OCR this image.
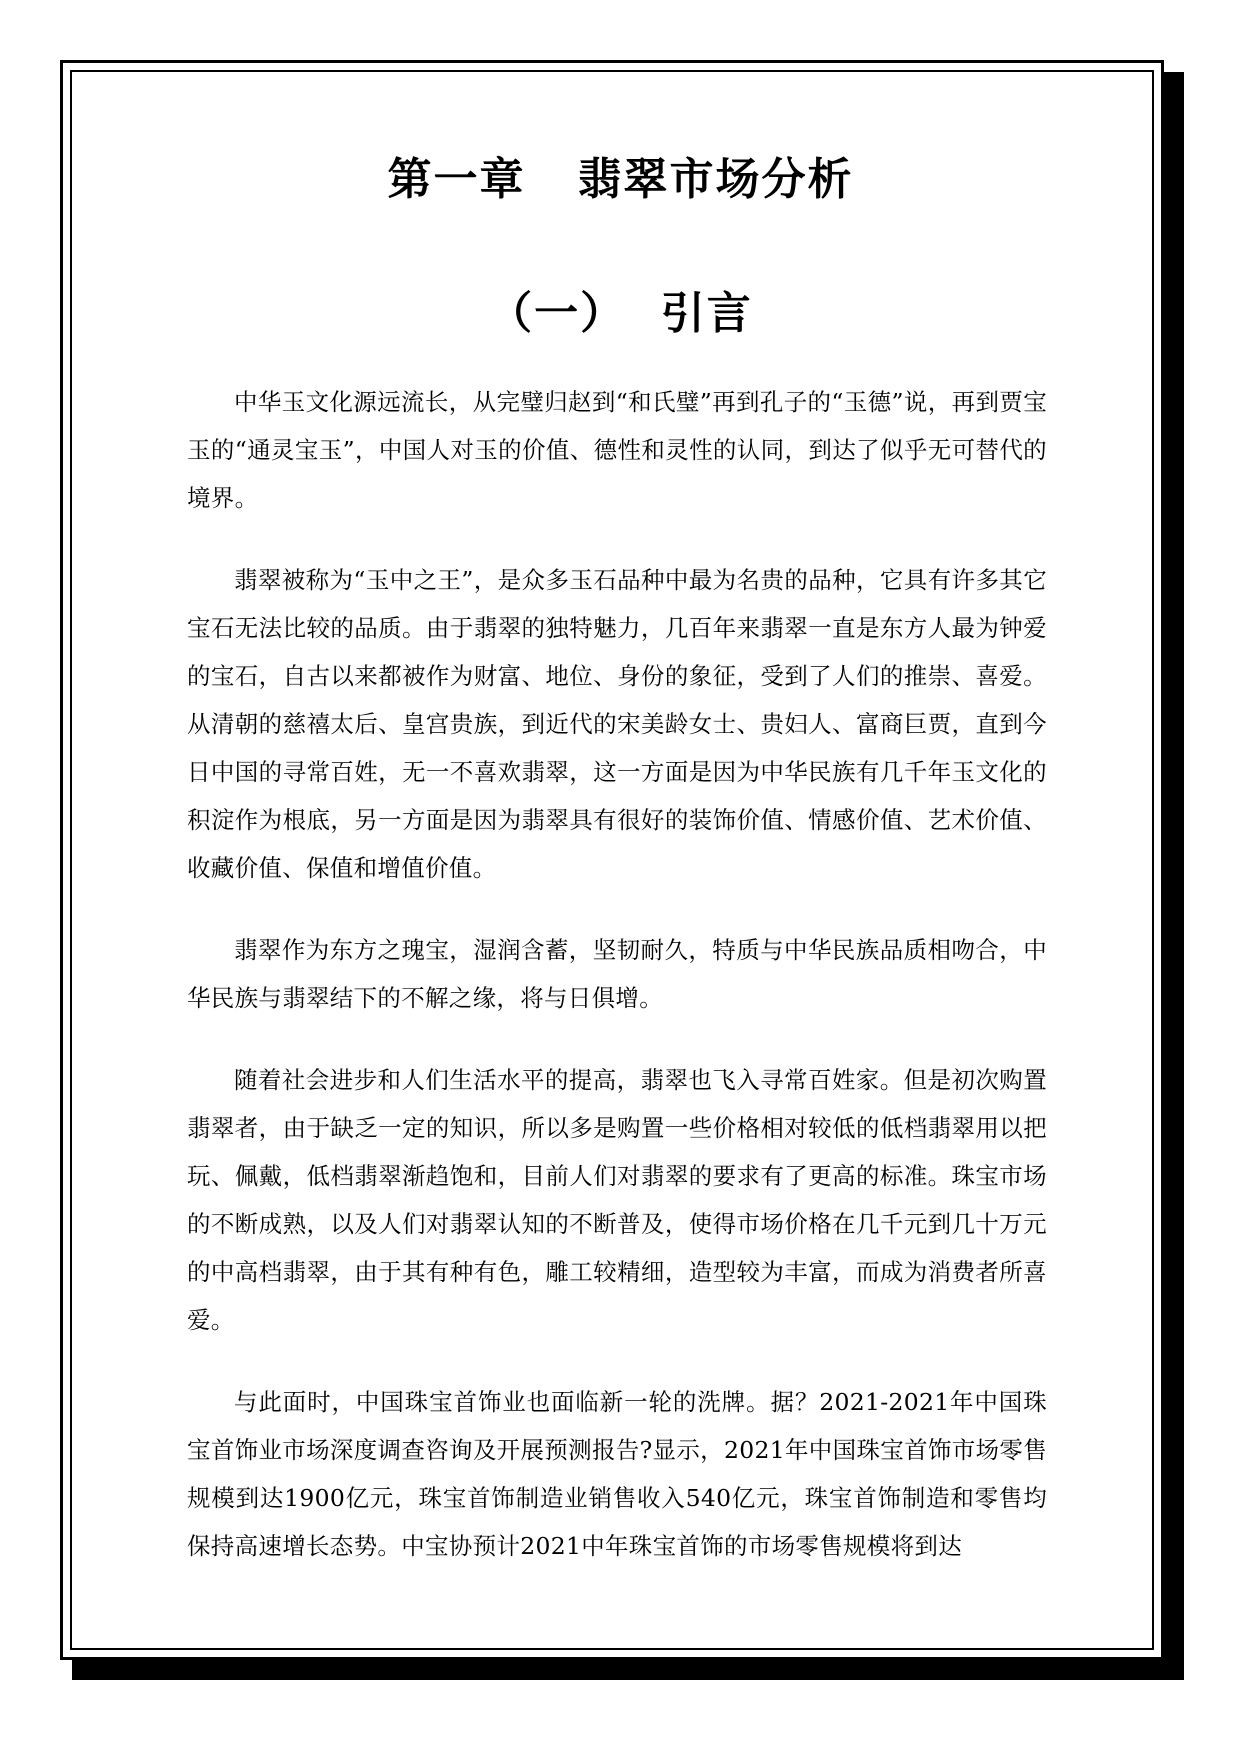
第一章   翡翠市场分析
（一）  引言

中华玉文化源远流长，从完璧归赵到“和氏璧”再到孔子的“玉德”说，再到贾宝玉的“通灵宝玉”，中国人对玉的价值、德性和灵性的认同，到达了似乎无可替代的境界。

翡翠被称为“玉中之王”，是众多玉石品种中最为名贵的品种，它具有许多其它宝石无法比较的品质。由于翡翠的独特魅力，几百年来翡翠一直是东方人最为钟爱的宝石，自古以来都被作为财富、地位、身份的象征，受到了人们的推崇、喜爱。从清朝的慈禧太后、皇宫贵族，到近代的宋美龄女士、贵妇人、富商巨贾，直到今日中国的寻常百姓，无一不喜欢翡翠，这一方面是因为中华民族有几千年玉文化的积淀作为根底，另一方面是因为翡翠具有很好的装饰价值、情感价值、艺术价值、收藏价值、保值和增值价值。

翡翠作为东方之瑰宝，湿润含蓄，坚韧耐久，特质与中华民族品质相吻合，中华民族与翡翠结下的不解之缘，将与日俱增。

随着社会进步和人们生活水平的提高，翡翠也飞入寻常百姓家。但是初次购置翡翠者，由于缺乏一定的知识，所以多是购置一些价格相对较低的低档翡翠用以把玩、佩戴，低档翡翠渐趋饱和，目前人们对翡翠的要求有了更高的标准。珠宝市场的不断成熟，以及人们对翡翠认知的不断普及，使得市场价格在几千元到几十万元的中高档翡翠，由于其有种有色，雕工较精细，造型较为丰富，而成为消费者所喜爱。

与此面时，中国珠宝首饰业也面临新一轮的洗牌。据？2021-2021年中国珠宝首饰业市场深度调查咨询及开展预测报告?显示，2021年中国珠宝首饰市场零售规模到达1900亿元，珠宝首饰制造业销售收入540亿元，珠宝首饰制造和零售均保持高速增长态势。中宝协预计2021中年珠宝首饰的市场零售规模将到达
